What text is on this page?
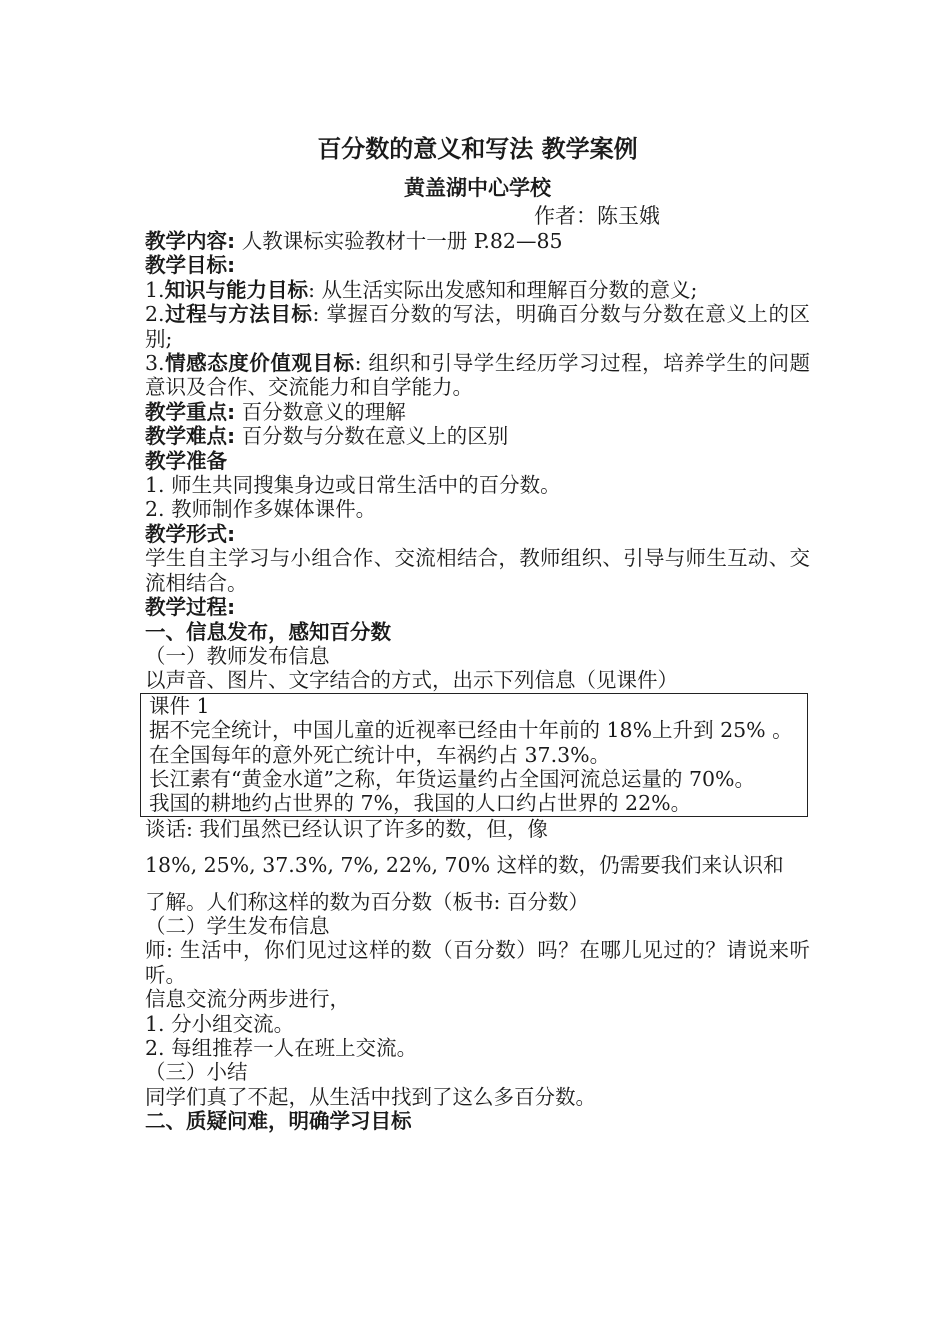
百分数的意义和写法 教学案例
黄盖湖中心学校
作者：陈玉娥
教学内容: 人教课标实验教材十一册 P.82—85
教学目标:
1.知识与能力目标: 从生活实际出发感知和理解百分数的意义;
2.过程与方法目标: 掌握百分数的写法，明确百分数与分数在意义上的区别;
3.情感态度价值观目标: 组织和引导学生经历学习过程，培养学生的问题意识及合作、交流能力和自学能力。
教学重点: 百分数意义的理解
教学难点: 百分数与分数在意义上的区别
教学准备
1. 师生共同搜集身边或日常生活中的百分数。
2. 教师制作多媒体课件。
教学形式:
学生自主学习与小组合作、交流相结合，教师组织、引导与师生互动、交流相结合。
教学过程:
一、信息发布，感知百分数
（一）教师发布信息
以声音、图片、文字结合的方式，出示下列信息（见课件）
课件 1
据不完全统计，中国儿童的近视率已经由十年前的 18%上升到 25% 。
在全国每年的意外死亡统计中，车祸约占 37.3%。
长江素有“黄金水道”之称，年货运量约占全国河流总运量的 70%。
我国的耕地约占世界的 7%，我国的人口约占世界的 22%。
谈话: 我们虽然已经认识了许多的数，但，像
18%, 25%, 37.3%, 7%, 22%, 70% 这样的数，仍需要我们来认识和
了解。人们称这样的数为百分数（板书: 百分数）
（二）学生发布信息
师: 生活中，你们见过这样的数（百分数）吗？在哪儿见过的？请说来听听。
信息交流分两步进行，
1. 分小组交流。
2. 每组推荐一人在班上交流。
（三）小结
同学们真了不起，从生活中找到了这么多百分数。
二、质疑问难，明确学习目标
